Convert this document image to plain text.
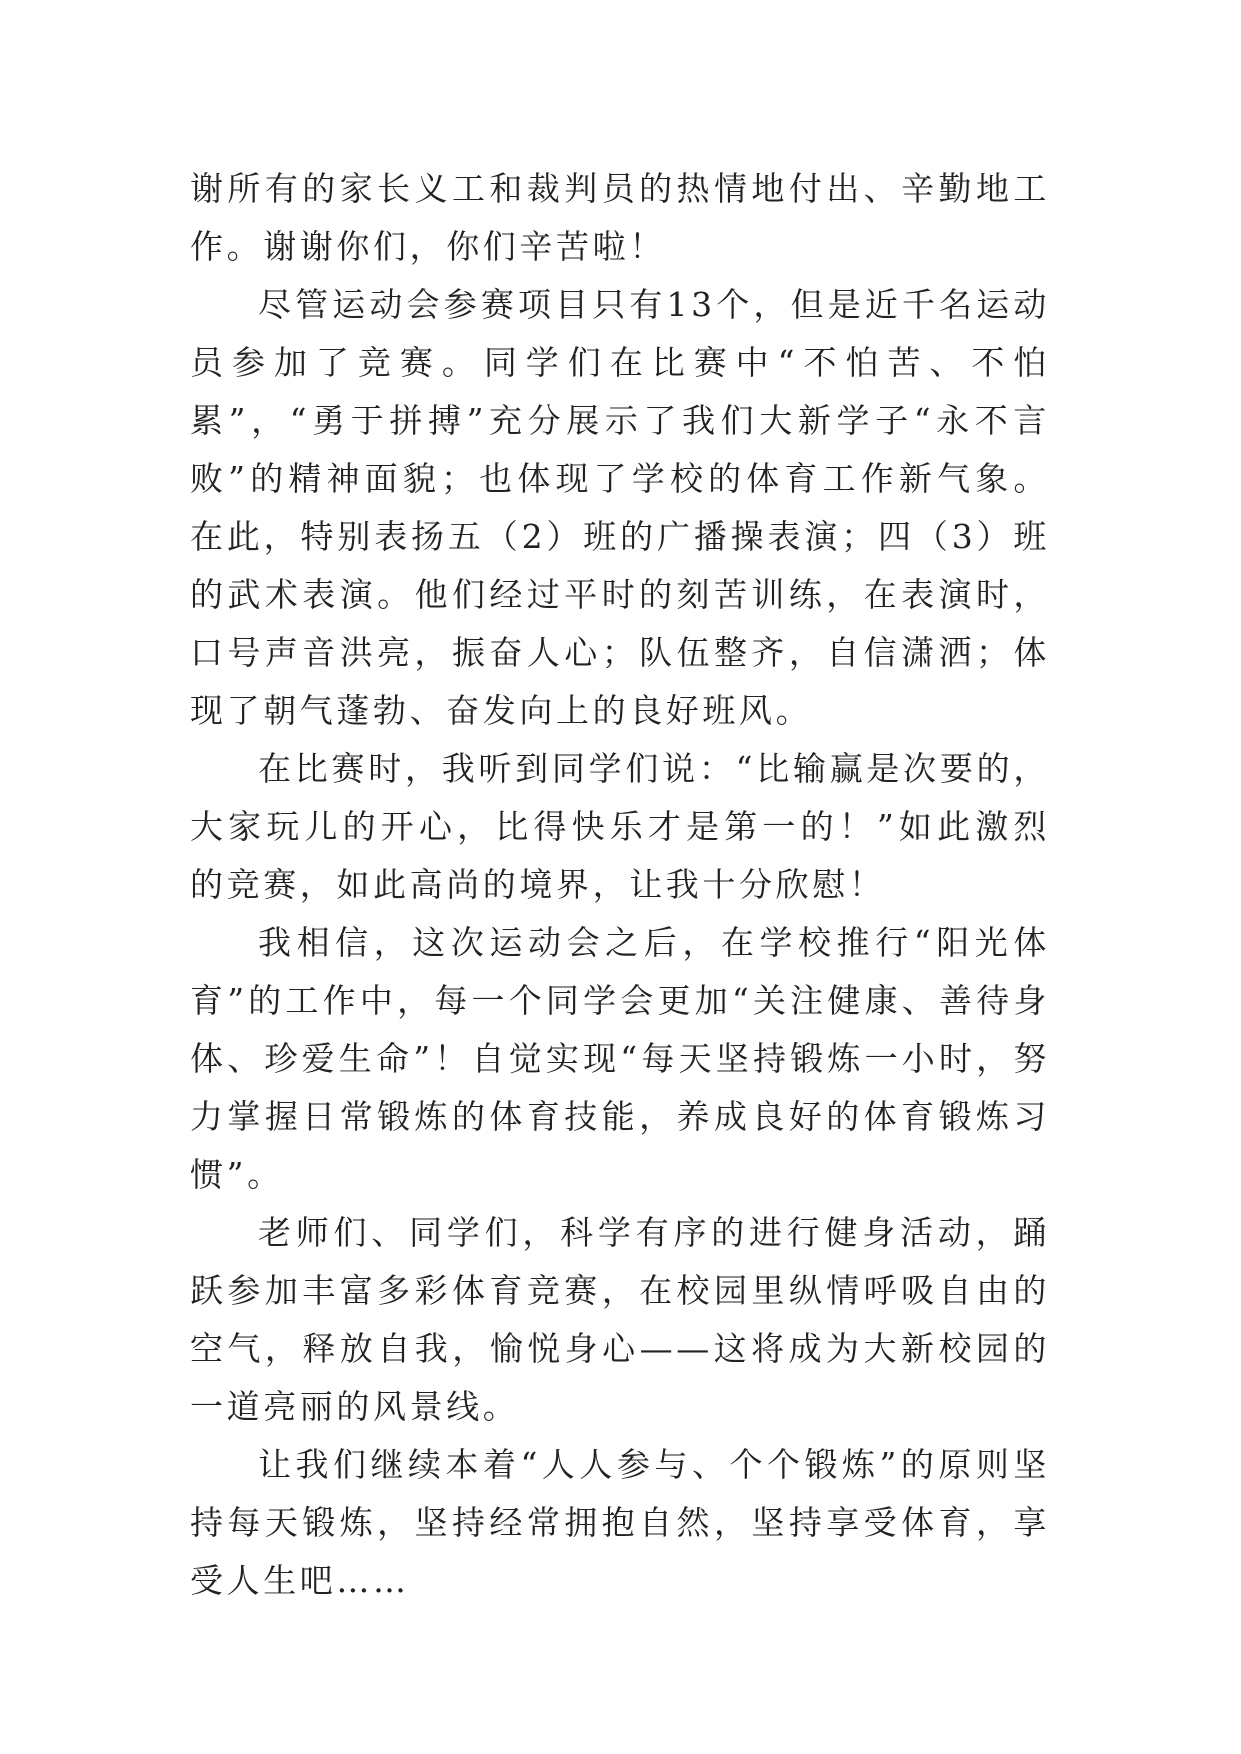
谢所有的家长义工和裁判员的热情地付出、辛勤地工作。谢谢你们，你们辛苦啦！

尽管运动会参赛项目只有13个，但是近千名运动员参加了竞赛。同学们在比赛中“不怕苦、不怕累”，“勇于拼搏”充分展示了我们大新学子“永不言败”的精神面貌；也体现了学校的体育工作新气象。在此，特别表扬五（2）班的广播操表演；四（3）班的武术表演。他们经过平时的刻苦训练，在表演时，口号声音洪亮，振奋人心；队伍整齐，自信潇洒；体现了朝气蓬勃、奋发向上的良好班风。

在比赛时，我听到同学们说：“比输赢是次要的，大家玩儿的开心，比得快乐才是第一的！”如此激烈的竞赛，如此高尚的境界，让我十分欣慰！

我相信，这次运动会之后，在学校推行“阳光体育”的工作中，每一个同学会更加“关注健康、善待身体、珍爱生命”！自觉实现“每天坚持锻炼一小时，努力掌握日常锻炼的体育技能，养成良好的体育锻炼习惯”。

老师们、同学们，科学有序的进行健身活动，踊跃参加丰富多彩体育竞赛，在校园里纵情呼吸自由的空气，释放自我，愉悦身心——这将成为大新校园的一道亮丽的风景线。

让我们继续本着“人人参与、个个锻炼”的原则坚持每天锻炼，坚持经常拥抱自然，坚持享受体育，享受人生吧……
